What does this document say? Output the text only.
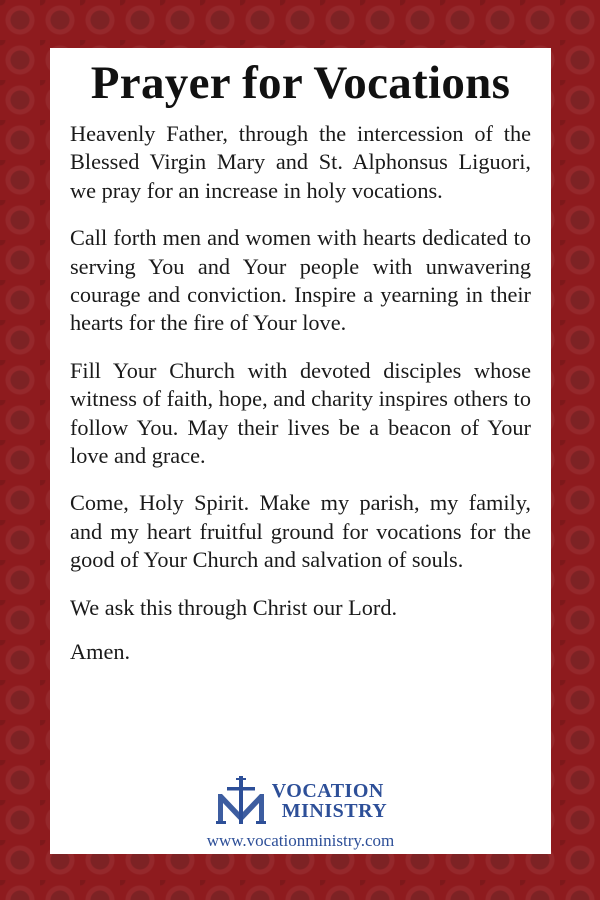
Prayer for Vocations

Heavenly Father, through the intercession of the Blessed Virgin Mary and St. Alphonsus Liguori, we pray for an increase in holy vocations.

Call forth men and women with hearts dedicated to serving You and Your people with unwavering courage and conviction. Inspire a yearning in their hearts for the fire of Your love.

Fill Your Church with devoted disciples whose witness of faith, hope, and charity inspires others to follow You. May their lives be a beacon of Your love and grace.

Come, Holy Spirit. Make my parish, my family, and my heart fruitful ground for vocations for the good of Your Church and salvation of souls.

We ask this through Christ our Lord.

Amen.

VOCATION
MINISTRY
www.vocationministry.com
